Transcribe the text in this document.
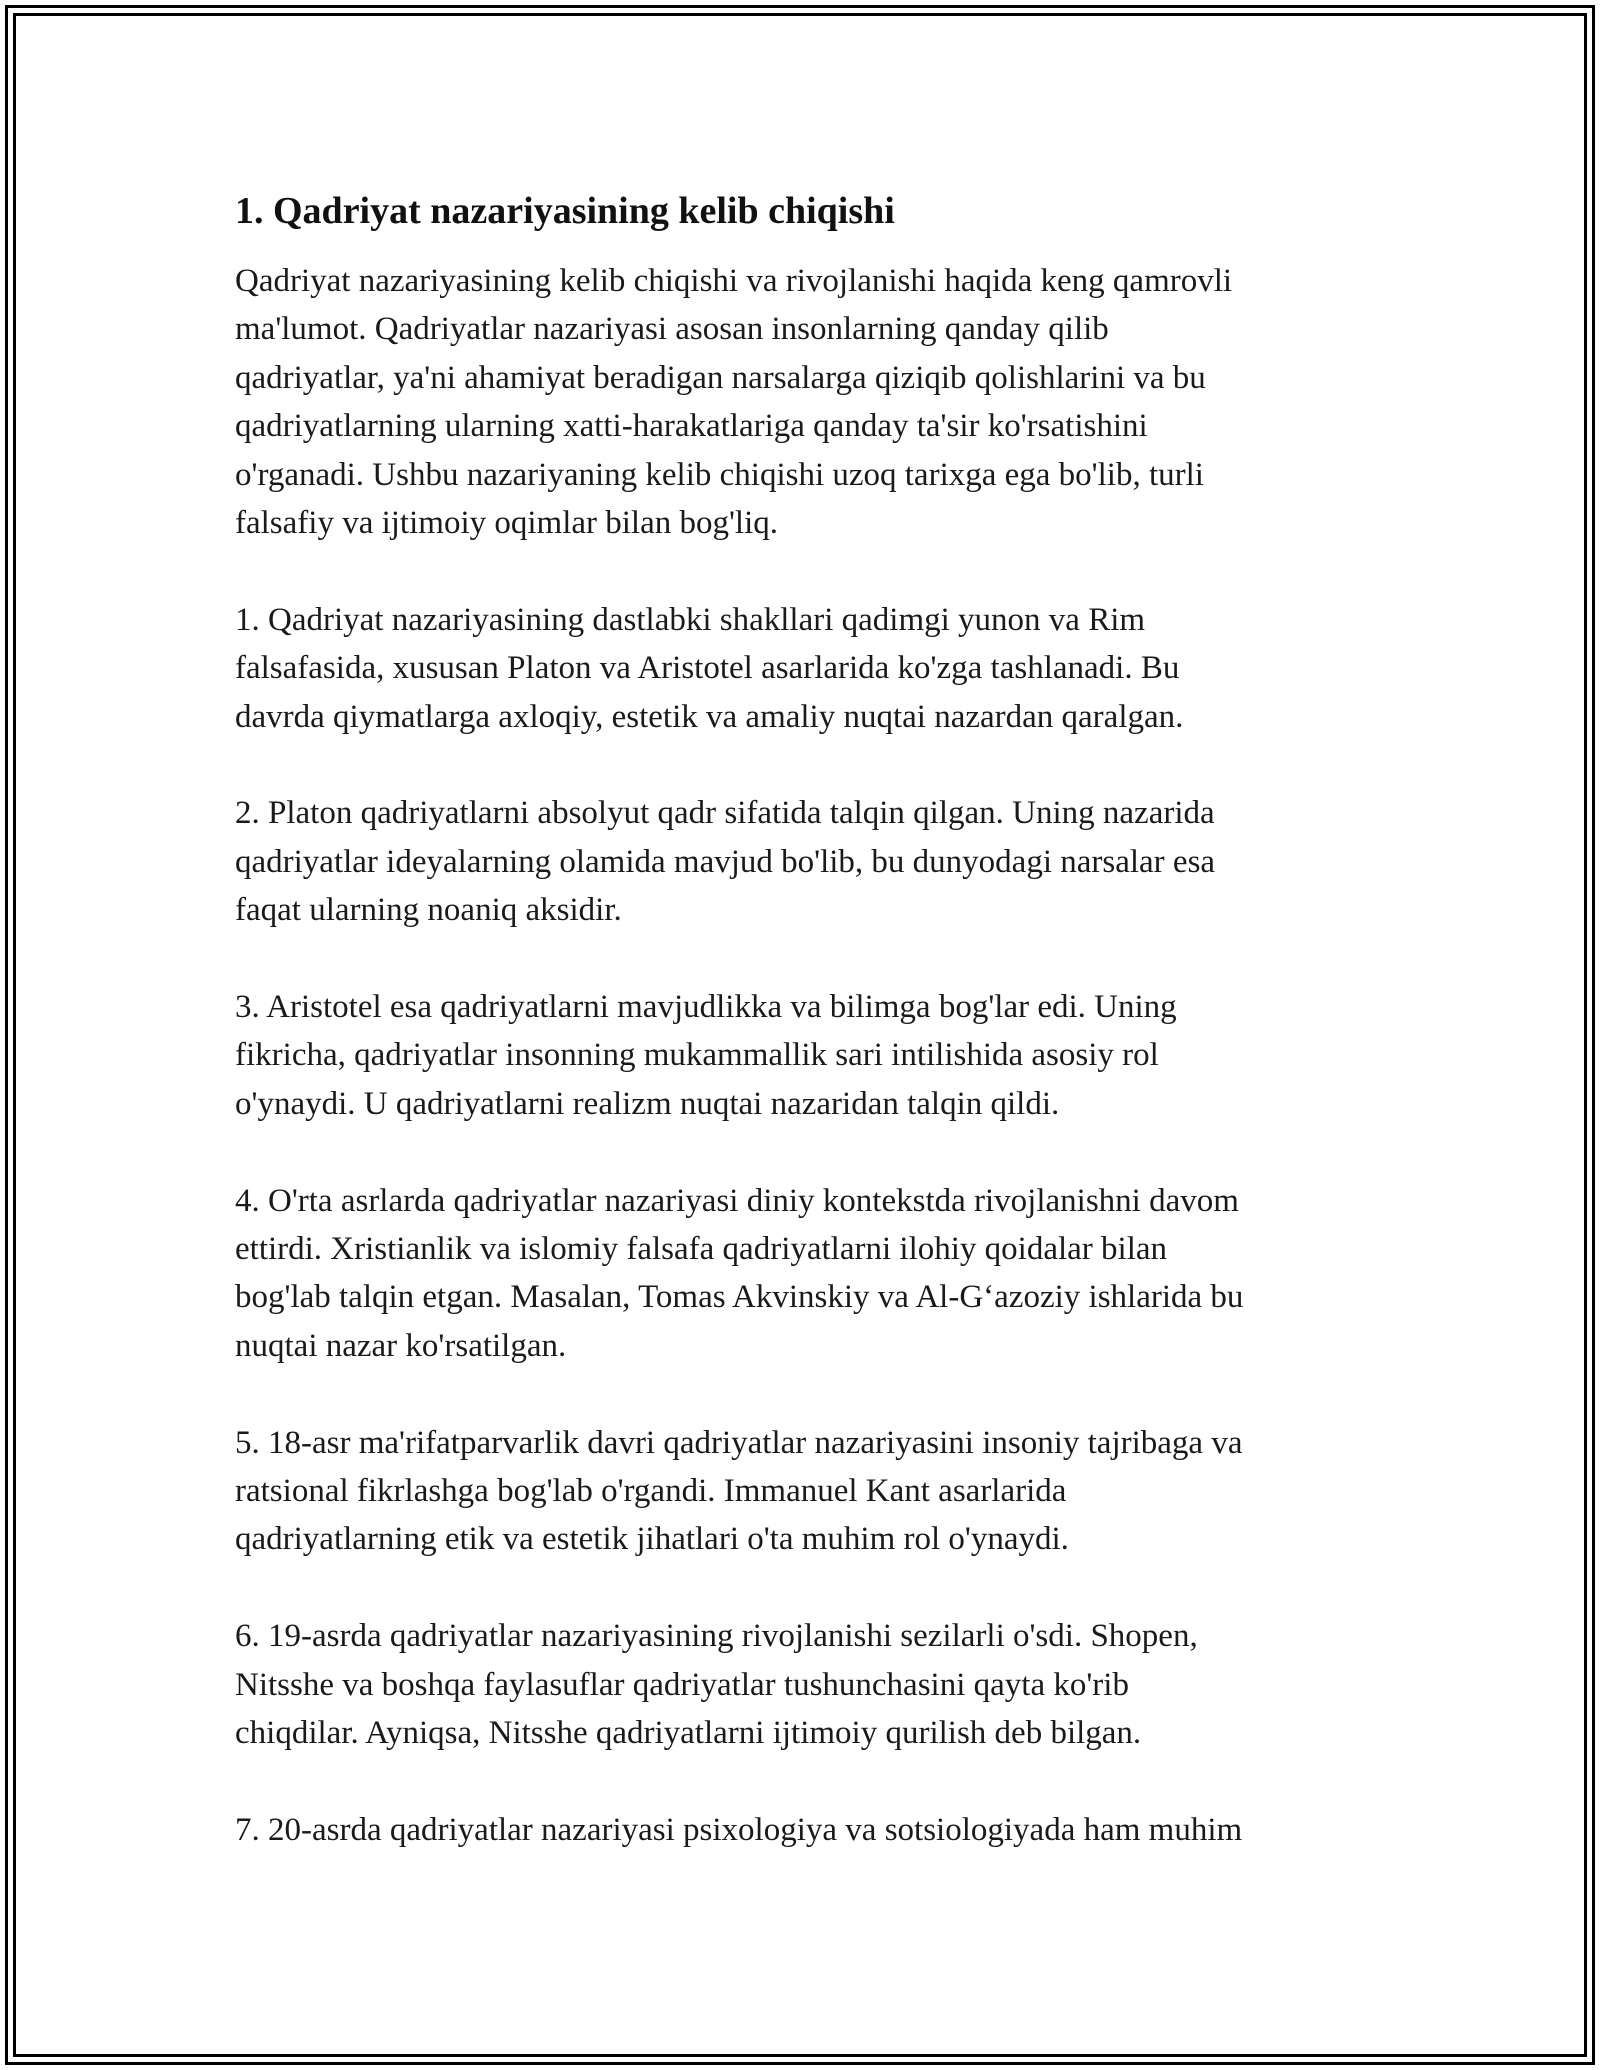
1. Qadriyat nazariyasining kelib chiqishi

Qadriyat nazariyasining kelib chiqishi va rivojlanishi haqida keng qamrovli
ma'lumot. Qadriyatlar nazariyasi asosan insonlarning qanday qilib
qadriyatlar, ya'ni ahamiyat beradigan narsalarga qiziqib qolishlarini va bu
qadriyatlarning ularning xatti-harakatlariga qanday ta'sir ko'rsatishini
o'rganadi. Ushbu nazariyaning kelib chiqishi uzoq tarixga ega bo'lib, turli
falsafiy va ijtimoiy oqimlar bilan bog'liq.

1. Qadriyat nazariyasining dastlabki shakllari qadimgi yunon va Rim
falsafasida, xususan Platon va Aristotel asarlarida ko'zga tashlanadi. Bu
davrda qiymatlarga axloqiy, estetik va amaliy nuqtai nazardan qaralgan.

2. Platon qadriyatlarni absolyut qadr sifatida talqin qilgan. Uning nazarida
qadriyatlar ideyalarning olamida mavjud bo'lib, bu dunyodagi narsalar esa
faqat ularning noaniq aksidir.

3. Aristotel esa qadriyatlarni mavjudlikka va bilimga bog'lar edi. Uning
fikricha, qadriyatlar insonning mukammallik sari intilishida asosiy rol
o'ynaydi. U qadriyatlarni realizm nuqtai nazaridan talqin qildi.

4. O'rta asrlarda qadriyatlar nazariyasi diniy kontekstda rivojlanishni davom
ettirdi. Xristianlik va islomiy falsafa qadriyatlarni ilohiy qoidalar bilan
bog'lab talqin etgan. Masalan, Tomas Akvinskiy va Al-G‘azoziy ishlarida bu
nuqtai nazar ko'rsatilgan.

5. 18-asr ma'rifatparvarlik davri qadriyatlar nazariyasini insoniy tajribaga va
ratsional fikrlashga bog'lab o'rgandi. Immanuel Kant asarlarida
qadriyatlarning etik va estetik jihatlari o'ta muhim rol o'ynaydi.

6. 19-asrda qadriyatlar nazariyasining rivojlanishi sezilarli o'sdi. Shopen,
Nitsshe va boshqa faylasuflar qadriyatlar tushunchasini qayta ko'rib
chiqdilar. Ayniqsa, Nitsshe qadriyatlarni ijtimoiy qurilish deb bilgan.

7. 20-asrda qadriyatlar nazariyasi psixologiya va sotsiologiyada ham muhim
